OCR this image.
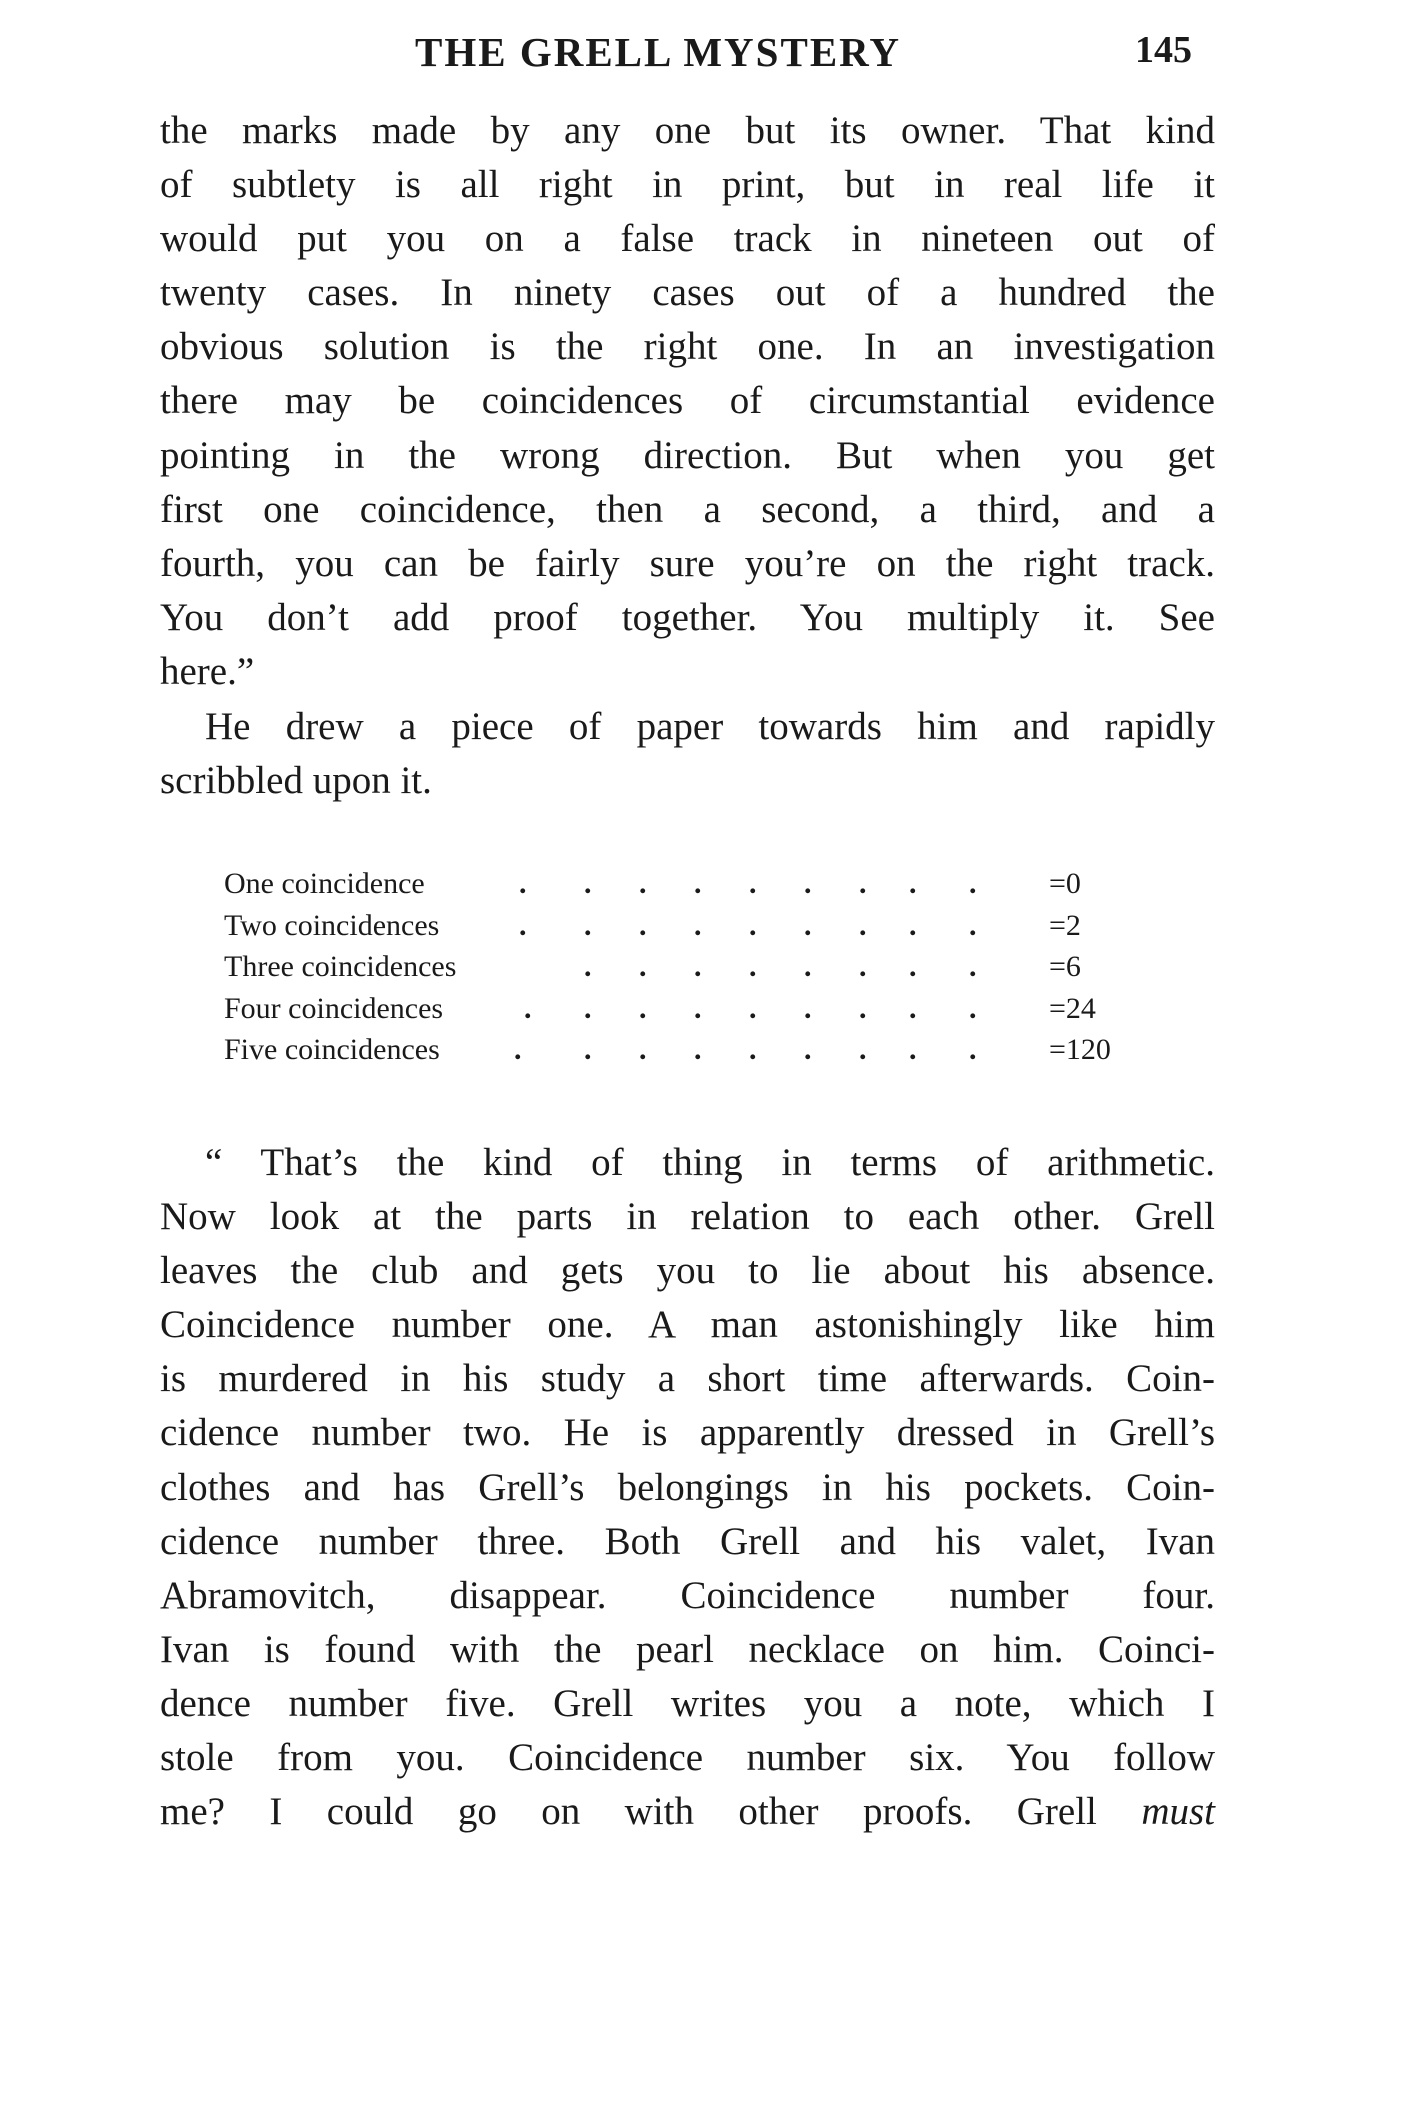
THE GRELL MYSTERY	145

the marks made by any one but its owner. That kind

of subtlety is all right in print, but in real life it

would put you on a false track in nineteen out of

twenty cases. In ninety cases out of a hundred the

obvious solution is the right one. In an investigation

there may be coincidences of circumstantial evidence

pointing in the wrong direction. But when you get

first one coincidence, then a second, a third, and a

fourth, you can be fairly sure you’re on the right track.

You don’t add proof together. You multiply it. See

here.”

He drew a piece of paper towards him and rapidly

scribbled upon it.

. . . . . . . . .
One coincidence	=0
. . . . . . . . .
Two coincidences	=2
. . . . . . . .
Three coincidences	=6
. . . . . . . . .
Four coincidences	=24
. . . . . . . . .
Five coincidences	=120

“ That’s the kind of thing in terms of arithmetic.

Now look at the parts in relation to each other. Grell

leaves the club and gets you to lie about his absence.

Coincidence number one. A man astonishingly like him

is murdered in his study a short time afterwards. Coin-

cidence number two. He is apparently dressed in Grell’s

clothes and has Grell’s belongings in his pockets. Coin-

cidence number three. Both Grell and his valet, Ivan

Abramovitch, disappear. Coincidence number four.

Ivan is found with the pearl necklace on him. Coinci-

dence number five. Grell writes you a note, which I

stole from you. Coincidence number six. You follow

me? I could go on with other proofs. Grell must
